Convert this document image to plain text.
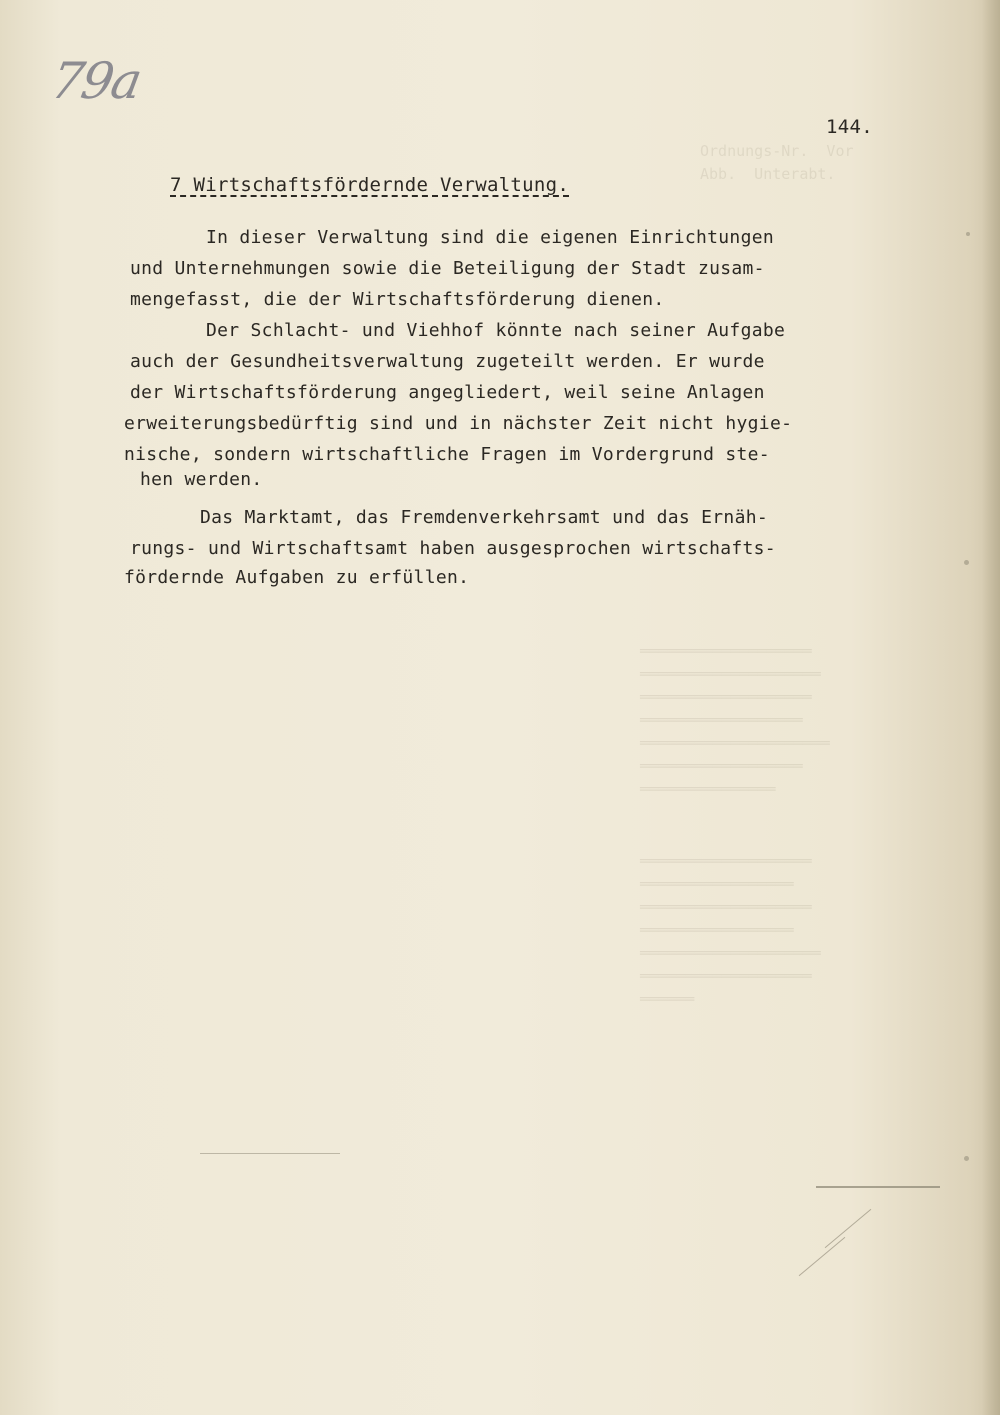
Ordnungs-Nr.  Vor
Abb.  Unterabt.
═══════════════════
════════════════════
═══════════════════
══════════════════
═════════════════════
══════════════════
═══════════════
═══════════════════
═════════════════
═══════════════════
═════════════════
════════════════════
═══════════════════
══════
79a
144.
7 Wirtschaftsfördernde Verwaltung.
In dieser Verwaltung sind die eigenen Einrichtungen
und Unternehmungen sowie die Beteiligung der Stadt zusam-
mengefasst, die der Wirtschaftsförderung dienen.
Der Schlacht- und Viehhof könnte nach seiner Aufgabe
auch der Gesundheitsverwaltung zugeteilt werden. Er wurde
der Wirtschaftsförderung angegliedert, weil seine Anlagen
erweiterungsbedürftig sind und in nächster Zeit nicht hygie-
nische, sondern wirtschaftliche Fragen im Vordergrund ste-
hen werden.
Das Marktamt, das Fremdenverkehrsamt und das Ernäh-
rungs- und Wirtschaftsamt haben ausgesprochen wirtschafts-
fördernde Aufgaben zu erfüllen.
